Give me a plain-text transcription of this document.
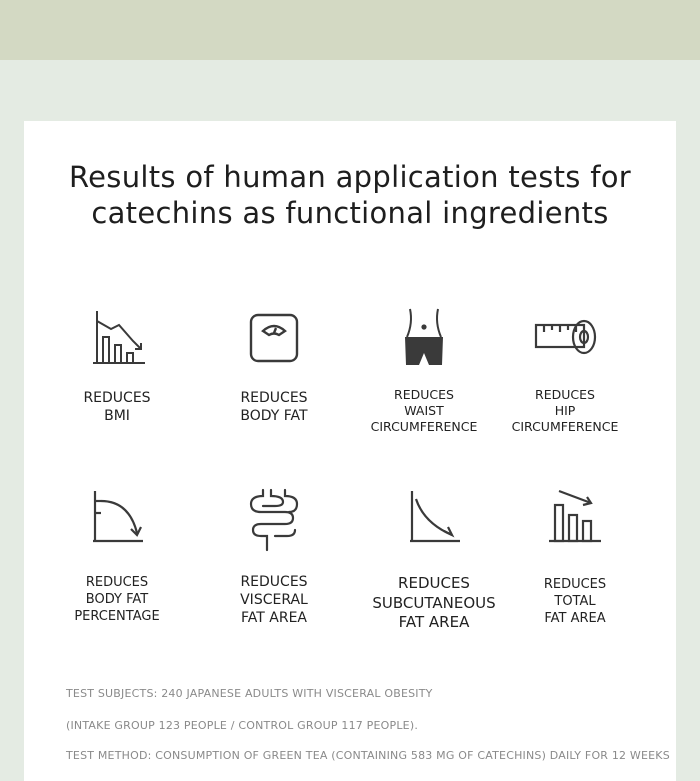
Results of human application tests for
catechins as functional ingredients
REDUCES
BMI
REDUCES
BODY FAT
REDUCES
WAIST
CIRCUMFERENCE
REDUCES
HIP
CIRCUMFERENCE
REDUCES
BODY FAT
PERCENTAGE
REDUCES
VISCERAL
FAT AREA
REDUCES
SUBCUTANEOUS
FAT AREA
REDUCES
TOTAL
FAT AREA
TEST SUBJECTS: 240 JAPANESE ADULTS WITH VISCERAL OBESITY
(INTAKE GROUP 123 PEOPLE / CONTROL GROUP 117 PEOPLE).
TEST METHOD: CONSUMPTION OF GREEN TEA (CONTAINING 583 MG OF CATECHINS) DAILY FOR 12 WEEKS
